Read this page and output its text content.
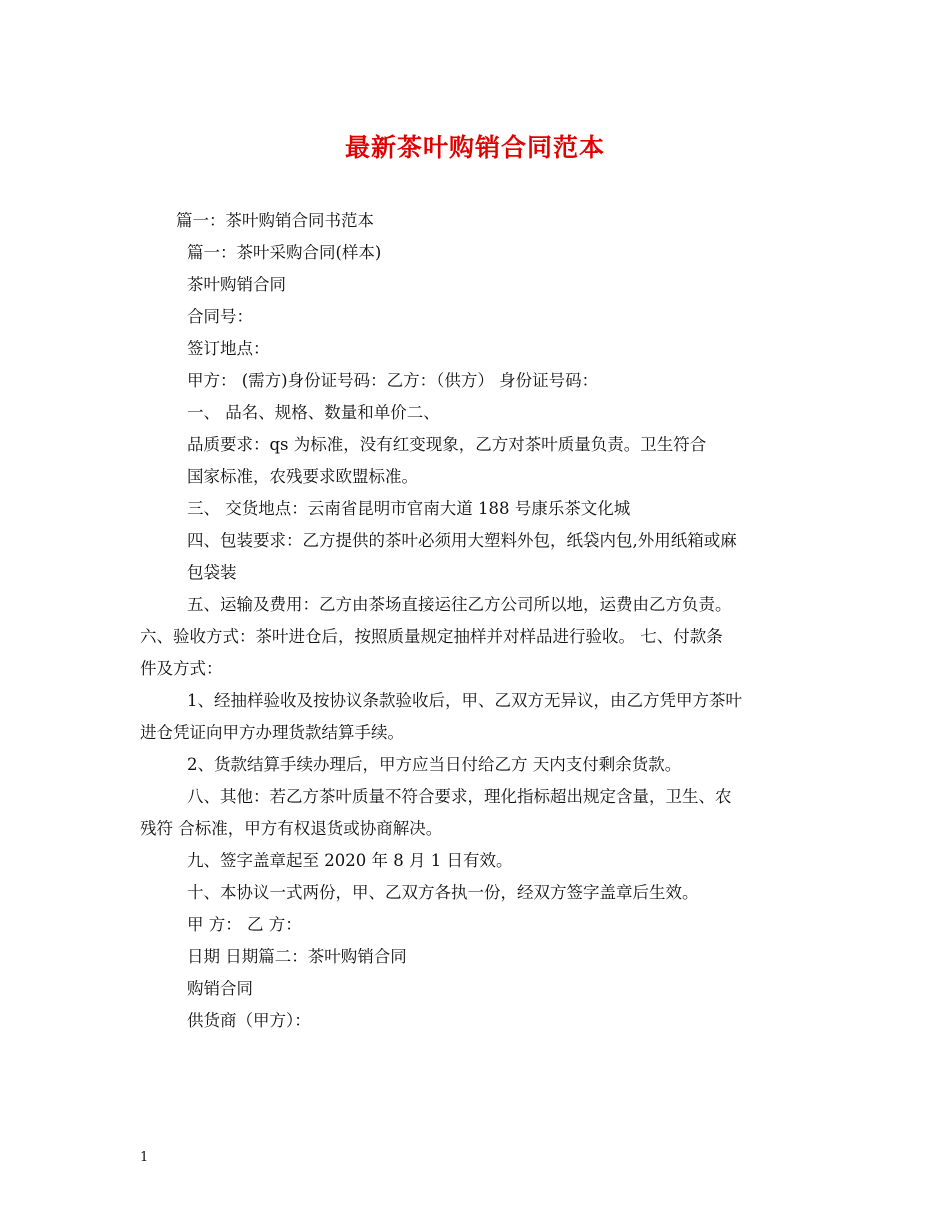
最新茶叶购销合同范本
篇一：茶叶购销合同书范本
篇一：茶叶采购合同(样本)
茶叶购销合同
合同号：
签订地点：
甲方： (需方)身份证号码：乙方：（供方） 身份证号码：
一、 品名、规格、数量和单价二、
品质要求：qs 为标准，没有红变现象，乙方对茶叶质量负责。卫生符合
国家标准，农残要求欧盟标准。
三、 交货地点：云南省昆明市官南大道 188 号康乐茶文化城
四、包装要求：乙方提供的茶叶必须用大塑料外包，纸袋内包,外用纸箱或麻
包袋装
五、运输及费用：乙方由茶场直接运往乙方公司所以地，运费由乙方负责。
六、验收方式：茶叶进仓后，按照质量规定抽样并对样品进行验收。 七、付款条
件及方式：
1、经抽样验收及按协议条款验收后，甲、乙双方无异议，由乙方凭甲方茶叶
进仓凭证向甲方办理货款结算手续。
2、货款结算手续办理后，甲方应当日付给乙方 天内支付剩余货款。
八、其他：若乙方茶叶质量不符合要求，理化指标超出规定含量，卫生、农
残符 合标准，甲方有权退货或协商解决。
九、签字盖章起至 2020 年 8 月 1 日有效。
十、本协议一式两份，甲、乙双方各执一份，经双方签字盖章后生效。
甲 方： 乙 方：
日期 日期篇二：茶叶购销合同
购销合同
供货商（甲方）：
1
